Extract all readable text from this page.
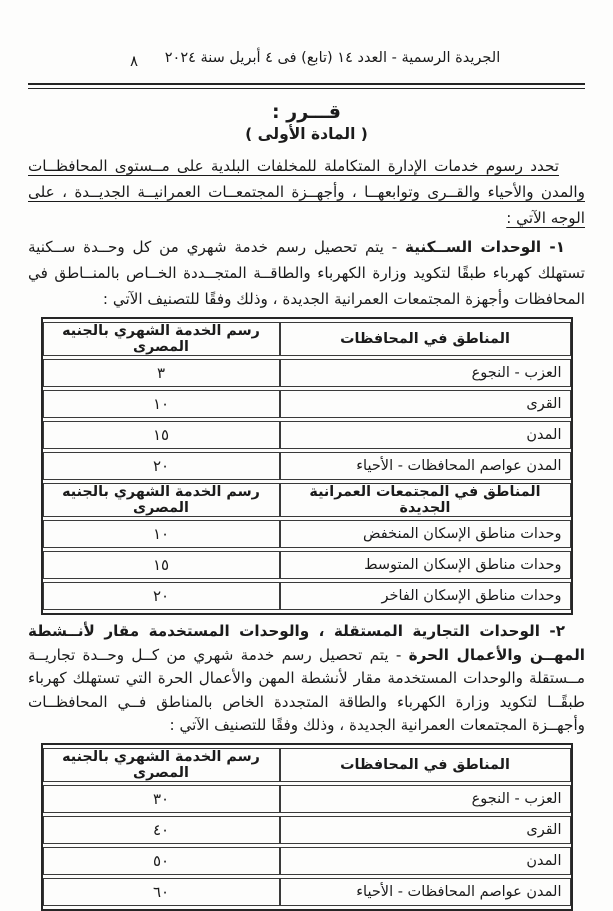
٨	الجريدة الرسمية - العدد ١٤ (تابع) فى ٤ أبريل سنة ٢٠٢٤
قـــرر :
( المادة الأولى )

تحدد رسوم خدمات الإدارة المتكاملة للمخلفات البلدية على مــستوى المحافظــات والمدن والأحياء والقــرى وتوابعهــا ، وأجهــزة المجتمعــات العمرانيــة الجديــدة ، على الوجه الآتي :

١- الوحدات الســكنية - يتم تحصيل رسم خدمة شهري من كل وحــدة ســكنية تستهلك كهرباء طبقًا لتكويد وزارة الكهرباء والطاقــة المتجــددة الخــاص بالمنــاطق في المحافظات وأجهزة المجتمعات العمرانية الجديدة ، وذلك وفقًا للتصنيف الآتي :

المناطق في المحافظات	رسم الخدمة الشهري بالجنيه المصرى
العزب - النجوع	٣
القرى	١٠
المدن	١٥
المدن عواصم المحافظات - الأحياء	٢٠
المناطق في المجتمعات العمرانية الجديدة	رسم الخدمة الشهري بالجنيه المصرى
وحدات مناطق الإسكان المنخفض	١٠
وحدات مناطق الإسكان المتوسط	١٥
وحدات مناطق الإسكان الفاخر	٢٠

٢- الوحدات التجارية المستقلة ، والوحدات المستخدمة مقار لأنــشطة المهــن والأعمال الحرة - يتم تحصيل رسم خدمة شهري من كــل وحــدة تجاريــة مــستقلة والوحدات المستخدمة مقار لأنشطة المهن والأعمال الحرة التي تستهلك كهرباء طبقًــا لتكويد وزارة الكهرباء والطاقة المتجددة الخاص بالمناطق فــي المحافظــات وأجهــزة المجتمعات العمرانية الجديدة ، وذلك وفقًا للتصنيف الآتي :

المناطق في المحافظات	رسم الخدمة الشهري بالجنيه المصرى
العزب - النجوع	٣٠
القرى	٤٠
المدن	٥٠
المدن عواصم المحافظات - الأحياء	٦٠
